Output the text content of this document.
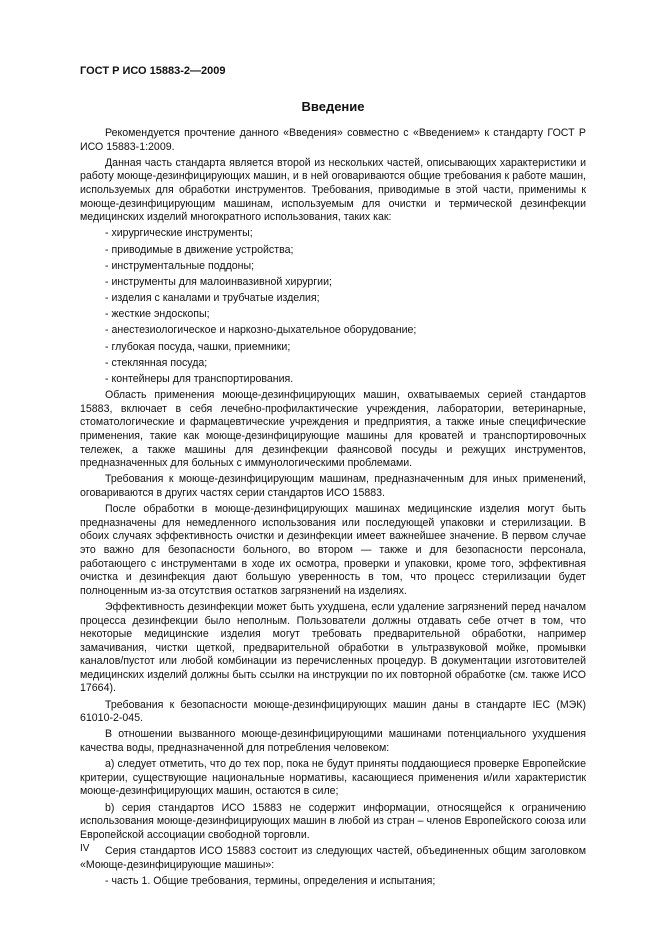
ГОСТ Р ИСО 15883-2—2009

Введение

Рекомендуется прочтение данного «Введения» совместно с «Введением» к стандарту ГОСТ Р ИСО 15883-1:2009.

Данная часть стандарта является второй из нескольких частей, описывающих характеристики и работу моюще-дезинфицирующих машин, и в ней оговариваются общие требования к работе машин, используемых для обработки инструментов. Требования, приводимые в этой части, применимы к моюще-дезинфицирующим машинам, используемым для очистки и термической дезинфекции медицинских изделий многократного использования, таких как:

- хирургические инструменты;
- приводимые в движение устройства;
- инструментальные поддоны;
- инструменты для малоинвазивной хирургии;
- изделия с каналами и трубчатые изделия;
- жесткие эндоскопы;
- анестезиологическое и наркозно-дыхательное оборудование;
- глубокая посуда, чашки, приемники;
- стеклянная посуда;
- контейнеры для транспортирования.

Область применения моюще-дезинфицирующих машин, охватываемых серией стандартов 15883, включает в себя лечебно-профилактические учреждения, лаборатории, ветеринарные, стоматологические и фармацевтические учреждения и предприятия, а также иные специфические применения, такие как моюще-дезинфицирующие машины для кроватей и транспортировочных тележек, а также машины для дезинфекции фаянсовой посуды и режущих инструментов, предназначенных для больных с иммунологическими проблемами.

Требования к моюще-дезинфицирующим машинам, предназначенным для иных применений, оговариваются в других частях серии стандартов ИСО 15883.

После обработки в моюще-дезинфицирующих машинах медицинские изделия могут быть предназначены для немедленного использования или последующей упаковки и стерилизации. В обоих случаях эффективность очистки и дезинфекции имеет важнейшее значение. В первом случае это важно для безопасности больного, во втором — также и для безопасности персонала, работающего с инструментами в ходе их осмотра, проверки и упаковки, кроме того, эффективная очистка и дезинфекция дают большую уверенность в том, что процесс стерилизации будет полноценным из-за отсутствия остатков загрязнений на изделиях.

Эффективность дезинфекции может быть ухудшена, если удаление загрязнений перед началом процесса дезинфекции было неполным. Пользователи должны отдавать себе отчет в том, что некоторые медицинские изделия могут требовать предварительной обработки, например замачивания, чистки щеткой, предварительной обработки в ультразвуковой мойке, промывки каналов/пустот или любой комбинации из перечисленных процедур. В документации изготовителей медицинских изделий должны быть ссылки на инструкции по их повторной обработке (см. также ИСО 17664).

Требования к безопасности моюще-дезинфицирующих машин даны в стандарте IEC (МЭК) 61010-2-045.

В отношении вызванного моюще-дезинфицирующими машинами потенциального ухудшения качества воды, предназначенной для потребления человеком:

a) следует отметить, что до тех пор, пока не будут приняты поддающиеся проверке Европейские критерии, существующие национальные нормативы, касающиеся применения и/или характеристик моюще-дезинфицирующих машин, остаются в силе;

b) серия стандартов ИСО 15883 не содержит информации, относящейся к ограничению использования моюще-дезинфицирующих машин в любой из стран – членов Европейского союза или Европейской ассоциации свободной торговли.

Серия стандартов ИСО 15883 состоит из следующих частей, объединенных общим заголовком «Моюще-дезинфицирующие машины»:

- часть 1. Общие требования, термины, определения и испытания;
IV
